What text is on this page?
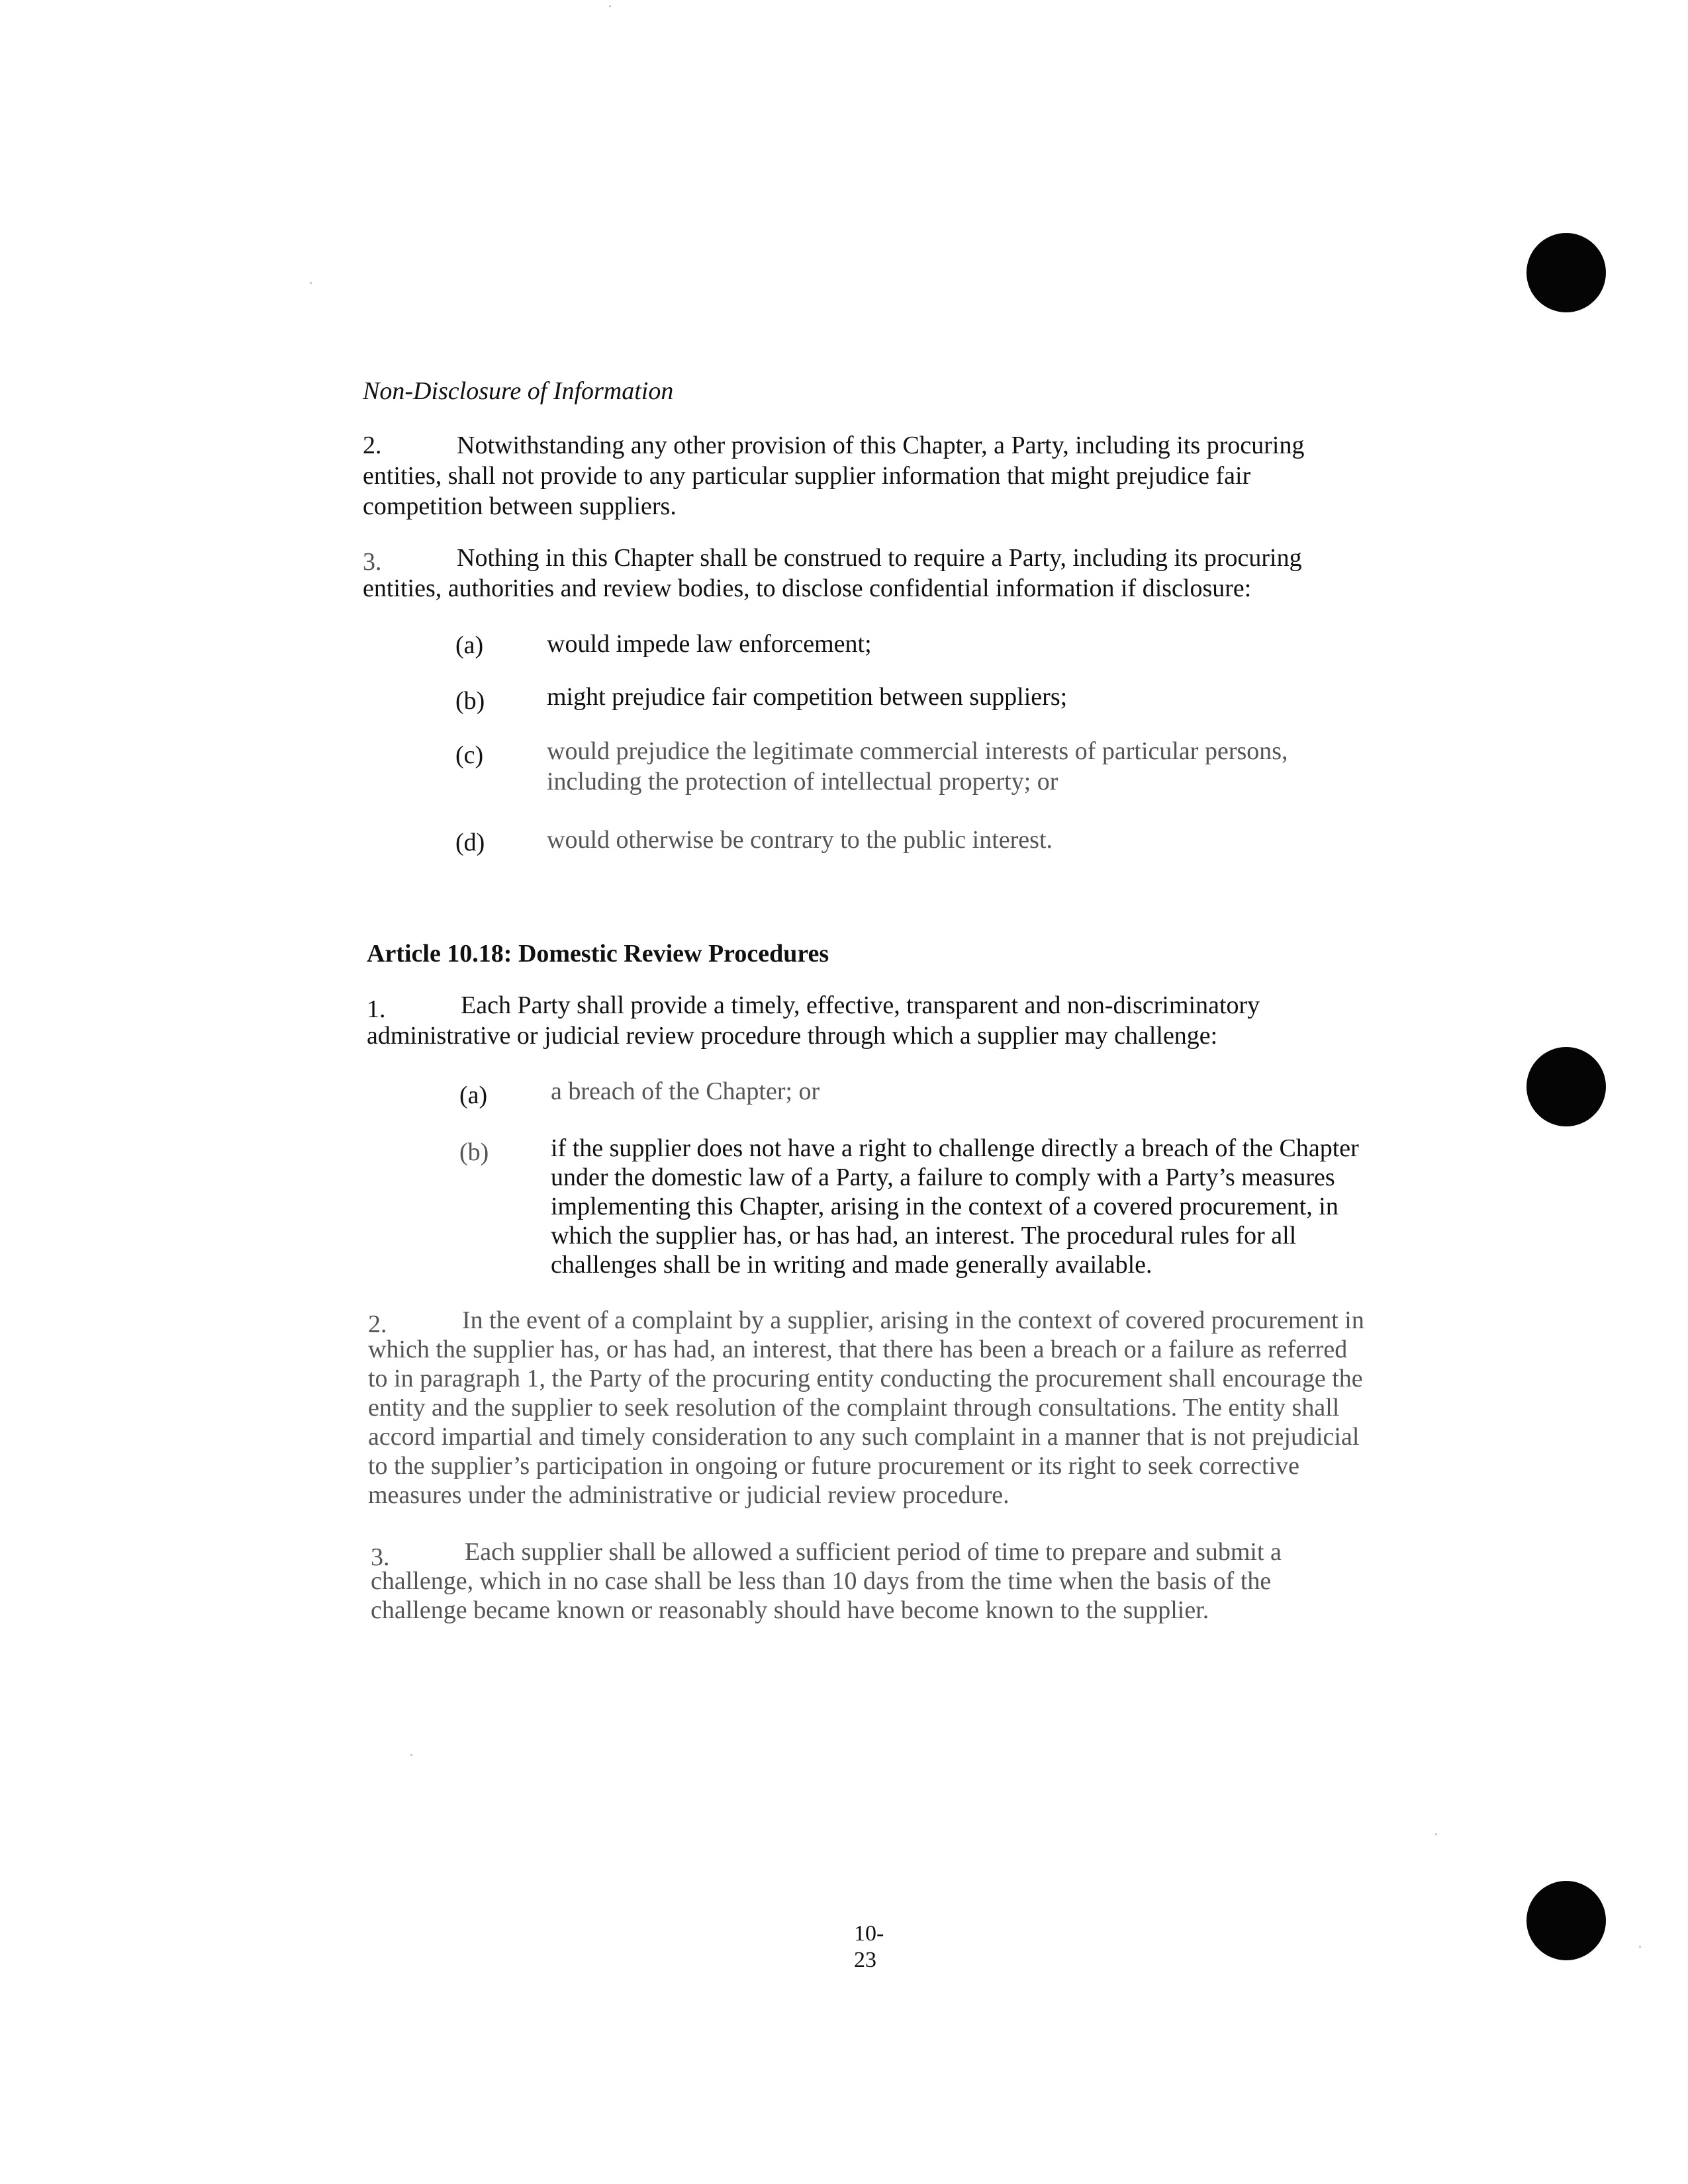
Non-Disclosure of Information
2.	Notwithstanding any other provision of this Chapter, a Party, including its procuring
entities, shall not provide to any particular supplier information that might prejudice fair
competition between suppliers.
3.	Nothing in this Chapter shall be construed to require a Party, including its procuring
entities, authorities and review bodies, to disclose confidential information if disclosure:
(a)	would impede law enforcement;
(b) might prejudice fair competition between suppliers;
(c)	would prejudice the legitimate commercial interests of particular persons,
including the protection of intellectual property; or
(d) would otherwise be contrary to the public interest.
Article 10.18: Domestic Review Procedures
1.	Each Party shall provide a timely, effective, transparent and non-discriminatory
administrative or judicial review procedure through which a supplier may challenge:
(a)	a breach of the Chapter; or
(b) if the supplier does not have a right to challenge directly a breach of the Chapter
under the domestic law of a Party, a failure to comply with a Party’s measures
implementing this Chapter, arising in the context of a covered procurement, in
which the supplier has, or has had, an interest. The procedural rules for all
challenges shall be in writing and made generally available.
2.	In the event of a complaint by a supplier, arising in the context of covered procurement in
which the supplier has, or has had, an interest, that there has been a breach or a failure as referred
to in paragraph 1, the Party of the procuring entity conducting the procurement shall encourage the
entity and the supplier to seek resolution of the complaint through consultations. The entity shall
accord impartial and timely consideration to any such complaint in a manner that is not prejudicial
to the supplier’s participation in ongoing or future procurement or its right to seek corrective
measures under the administrative or judicial review procedure.
3.	Each supplier shall be allowed a sufficient period of time to prepare and submit a
challenge, which in no case shall be less than 10 days from the time when the basis of the
challenge became known or reasonably should have become known to the supplier.
10-23
